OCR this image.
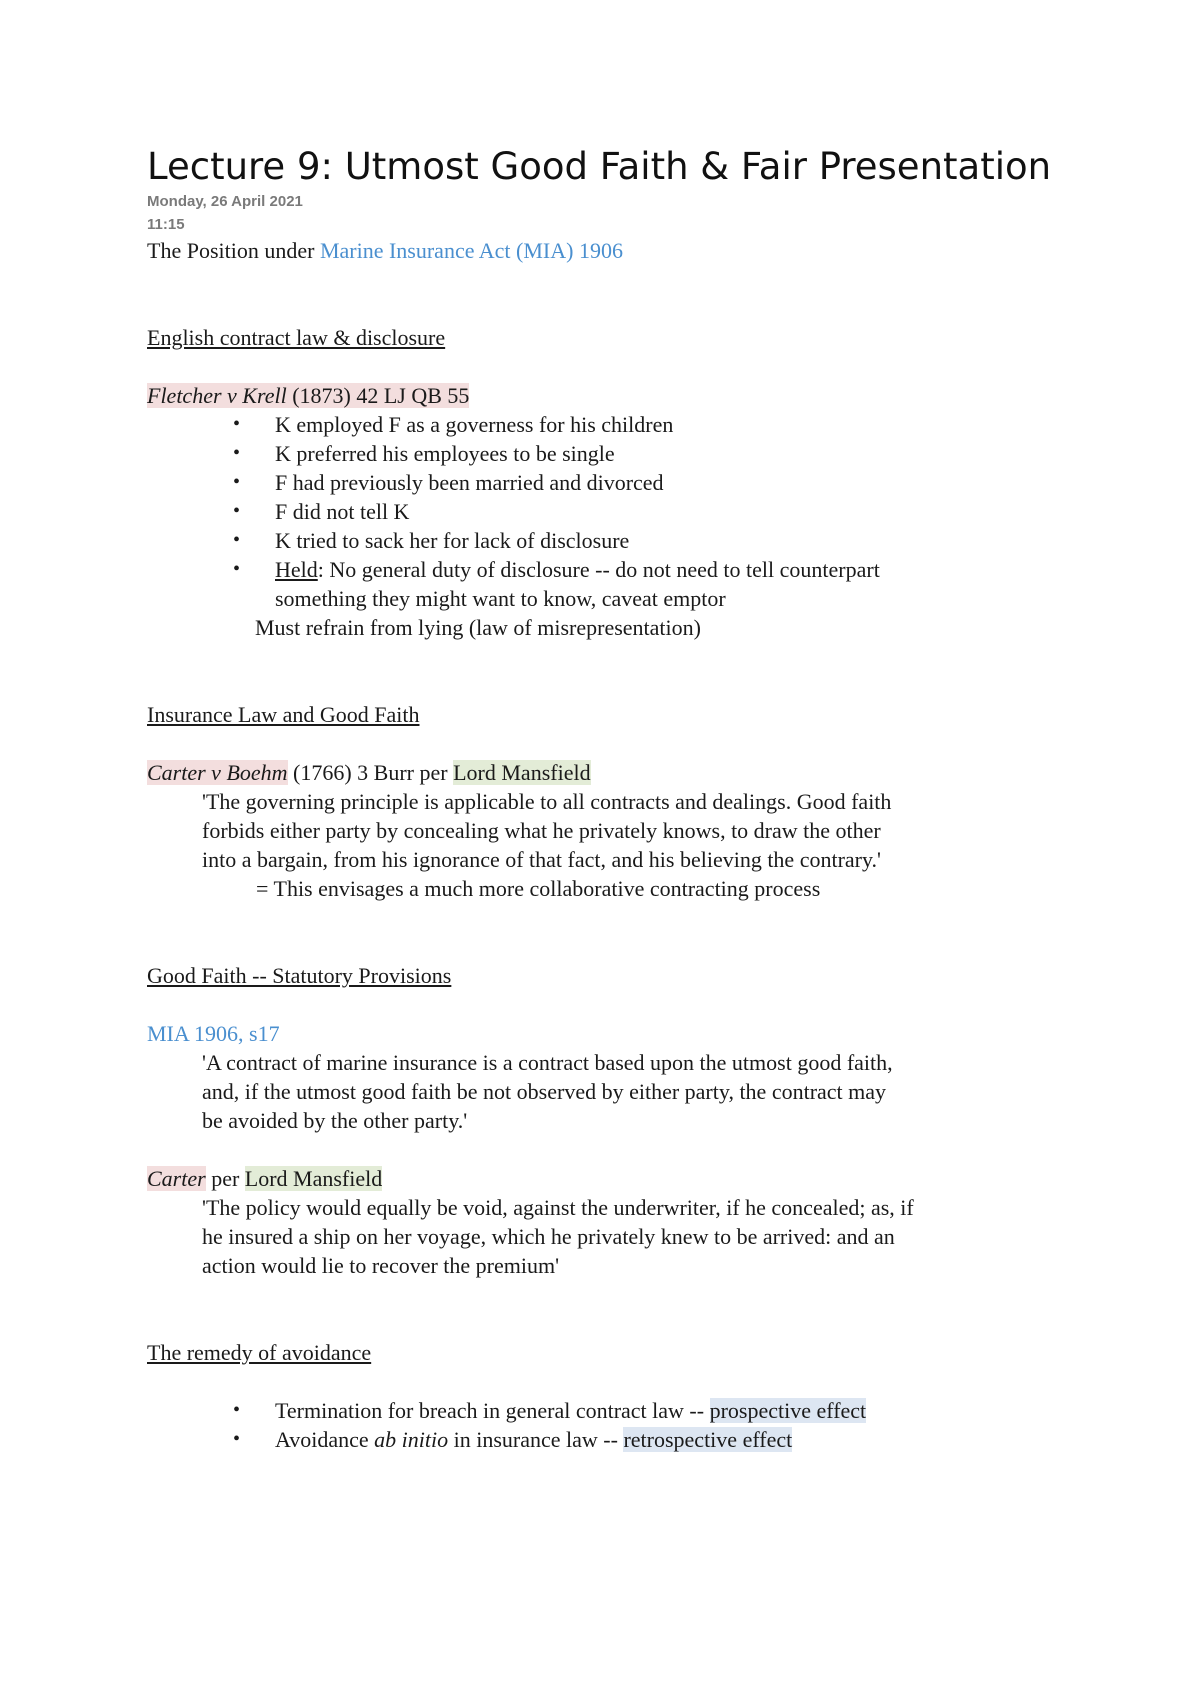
Lecture 9: Utmost Good Faith & Fair Presentation
Monday, 26 April 2021
11:15
The Position under Marine Insurance Act (MIA) 1906
English contract law & disclosure
Fletcher v Krell (1873) 42 LJ QB 55
• K employed F as a governess for his children
• K preferred his employees to be single
• F had previously been married and divorced
• F did not tell K
• K tried to sack her for lack of disclosure
• Held: No general duty of disclosure -- do not need to tell counterpart
something they might want to know, caveat emptor
Must refrain from lying (law of misrepresentation)
Insurance Law and Good Faith
Carter v Boehm (1766) 3 Burr per Lord Mansfield
'The governing principle is applicable to all contracts and dealings. Good faith
forbids either party by concealing what he privately knows, to draw the other
into a bargain, from his ignorance of that fact, and his believing the contrary.'
= This envisages a much more collaborative contracting process
Good Faith -- Statutory Provisions
MIA 1906, s17
'A contract of marine insurance is a contract based upon the utmost good faith,
and, if the utmost good faith be not observed by either party, the contract may
be avoided by the other party.'
Carter per Lord Mansfield
'The policy would equally be void, against the underwriter, if he concealed; as, if
he insured a ship on her voyage, which he privately knew to be arrived: and an
action would lie to recover the premium'
The remedy of avoidance
• Termination for breach in general contract law -- prospective effect
• Avoidance ab initio in insurance law -- retrospective effect
